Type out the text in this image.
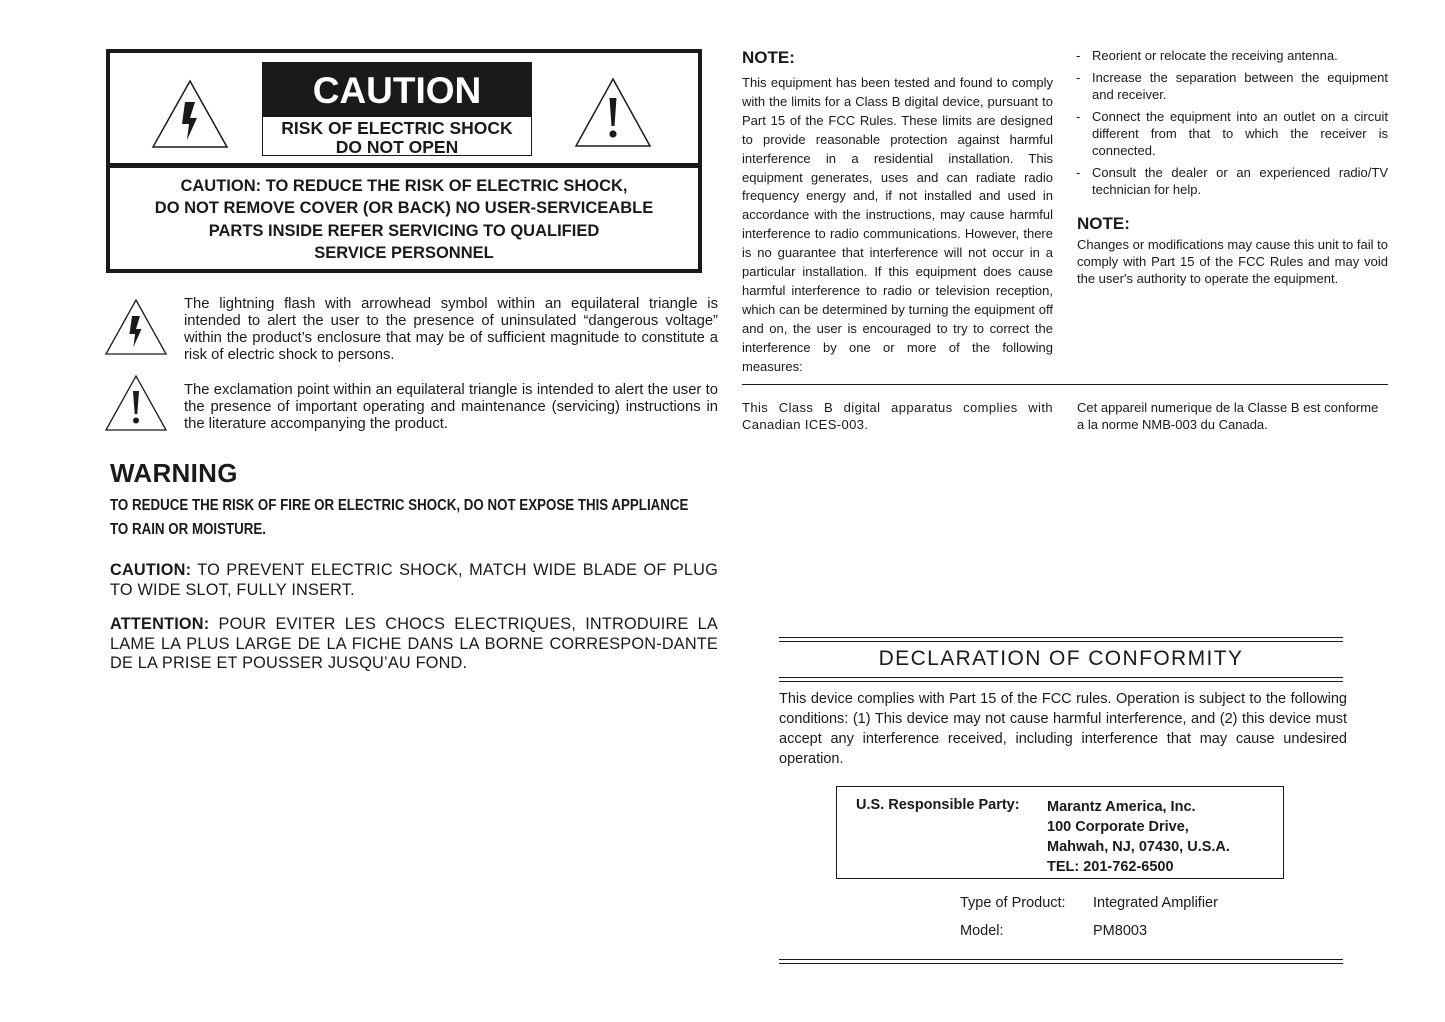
CAUTION
RISK OF ELECTRIC SHOCK
DO NOT OPEN
CAUTION: TO REDUCE THE RISK OF ELECTRIC SHOCK,
DO NOT REMOVE COVER (OR BACK) NO USER-SERVICEABLE
PARTS INSIDE REFER SERVICING TO QUALIFIED
SERVICE PERSONNEL

The lightning flash with arrowhead symbol within an equilateral triangle is intended to alert the user to the presence of uninsulated “dangerous voltage” within the product’s enclosure that may be of sufficient magnitude to constitute a risk of electric shock to persons.

The exclamation point within an equilateral triangle is intended to alert the user to the presence of important operating and maintenance (servicing) instructions in the literature accompanying the product.

WARNING
TO REDUCE THE RISK OF FIRE OR ELECTRIC SHOCK, DO NOT EXPOSE THIS APPLIANCE
TO RAIN OR MOISTURE.

CAUTION: TO PREVENT ELECTRIC SHOCK, MATCH WIDE BLADE OF PLUG TO WIDE SLOT, FULLY INSERT.

ATTENTION: POUR EVITER LES CHOCS ELECTRIQUES, INTRODUIRE LA LAME LA PLUS LARGE DE LA FICHE DANS LA BORNE CORRESPON-DANTE DE LA PRISE ET POUSSER JUSQU’AU FOND.

NOTE:

This equipment has been tested and found to comply with the limits for a Class B digital device, pursuant to Part 15 of the FCC Rules. These limits are designed to provide reasonable protection against harmful interference in a residential installation. This equipment generates, uses and can radiate radio frequency energy and, if not installed and used in accordance with the instructions, may cause harmful interference to radio communications. However, there is no guarantee that interference will not occur in a particular installation. If this equipment does cause harmful interference to radio or television reception, which can be determined by turning the equipment off and on, the user is encouraged to try to correct the interference by one or more of the following measures:

- Reorient or relocate the receiving antenna.
- Increase the separation between the equipment and receiver.
- Connect the equipment into an outlet on a circuit different from that to which the receiver is connected.
- Consult the dealer or an experienced radio/TV technician for help.
NOTE:

Changes or modifications may cause this unit to fail to comply with Part 15 of the FCC Rules and may void the user's authority to operate the equipment.

This Class B digital apparatus complies with Canadian ICES-003.

Cet appareil numerique de la Classe B est conforme a la norme NMB-003 du Canada.

DECLARATION OF CONFORMITY

This device complies with Part 15 of the FCC rules. Operation is subject to the following conditions: (1) This device may not cause harmful interference, and (2) this device must accept any interference received, including interference that may cause undesired operation.

U.S. Responsible Party: Marantz America, Inc.
100 Corporate Drive,
Mahwah, NJ, 07430, U.S.A.
TEL: 201-762-6500
Type of Product: Integrated Amplifier
Model:	PM8003
